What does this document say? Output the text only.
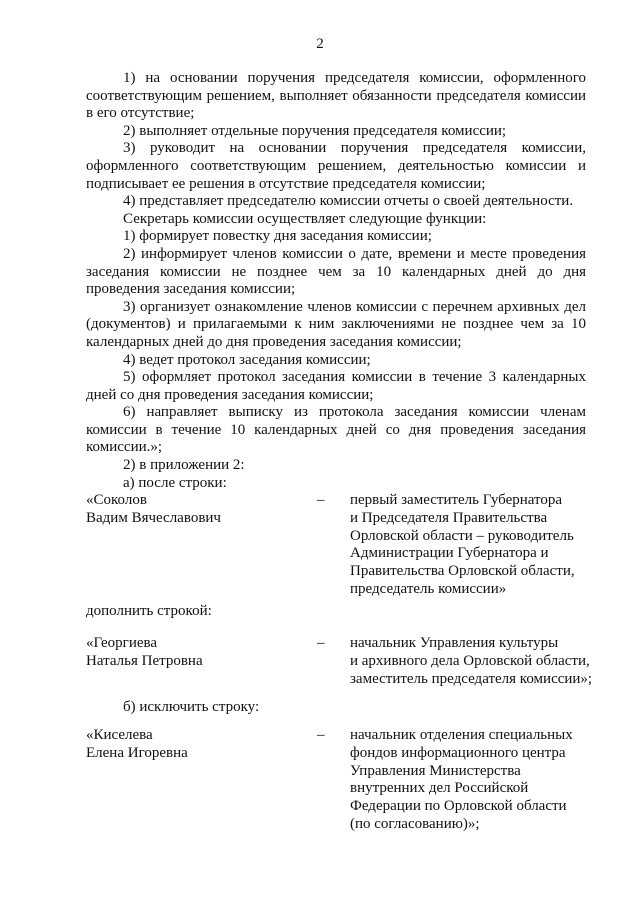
2

1) на основании поручения председателя комиссии, оформленного соответствующим решением, выполняет обязанности председателя комиссии в его отсутствие;

2) выполняет отдельные поручения председателя комиссии;

3) руководит на основании поручения председателя комиссии, оформленного соответствующим решением, деятельностью комиссии и подписывает ее решения в отсутствие председателя комиссии;

4) представляет председателю комиссии отчеты о своей деятельности.

Секретарь комиссии осуществляет следующие функции:

1) формирует повестку дня заседания комиссии;

2) информирует членов комиссии о дате, времени и месте проведения заседания комиссии не позднее чем за 10 календарных дней до дня проведения заседания комиссии;

3) организует ознакомление членов комиссии с перечнем архивных дел (документов) и прилагаемыми к ним заключениями не позднее чем за 10 календарных дней до дня проведения заседания комиссии;

4) ведет протокол заседания комиссии;

5) оформляет протокол заседания комиссии в течение 3 календарных дней со дня проведения заседания комиссии;

6) направляет выписку из протокола заседания комиссии членам комиссии в течение 10 календарных дней со дня проведения заседания комиссии.»;

2) в приложении 2:

а) после строки:

«Соколов
Вадим Вячеславович
– первый заместитель Губернатора
и Председателя Правительства
Орловской области – руководитель
Администрации Губернатора и
Правительства Орловской области,
председатель комиссии»
дополнить строкой:
«Георгиева
Наталья Петровна
– начальник Управления культуры
и архивного дела Орловской области,
заместитель председателя комиссии»;
б) исключить строку:
«Киселева
Елена Игоревна
– начальник отделения специальных
фондов информационного центра
Управления Министерства
внутренних дел Российской
Федерации по Орловской области
(по согласованию)»;
